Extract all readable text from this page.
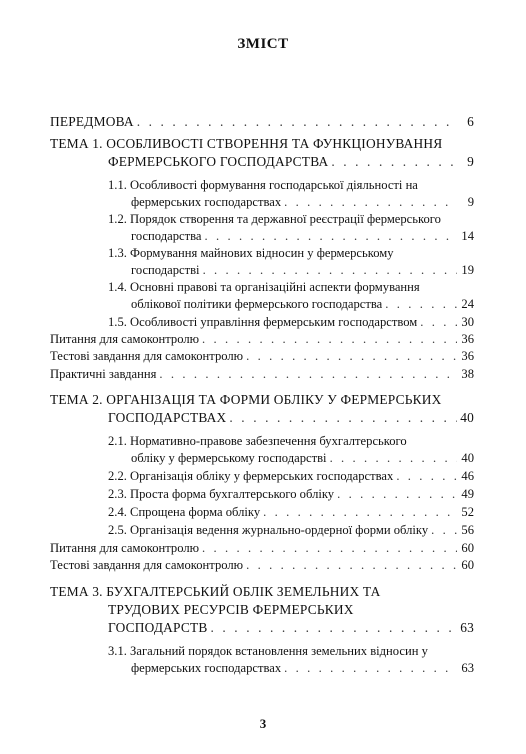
ЗМІСТ
ПЕРЕДМОВА . . .	6
ТЕМА 1. ОСОБЛИВОСТІ СТВОРЕННЯ ТА ФУНКЦІОНУВАННЯ
ФЕРМЕРСЬКОГО ГОСПОДАРСТВА . . .	9
1.1. Особливості формування господарської діяльності на
фермерських господарствах . . .	9
1.2. Порядок створення та державної реєстрації фермерського
господарства . . .	14
1.3. Формування майнових відносин у фермерському
господарстві . . .	19
1.4. Основні правові та організаційні аспекти формування
облікової політики фермерського господарства . . .	24
1.5. Особливості управління фермерським господарством . . .	30
Питання для самоконтролю . . .	36
Тестові завдання для самоконтролю . . .	36
Практичні завдання . . .	38
ТЕМА 2. ОРГАНІЗАЦІЯ ТА ФОРМИ ОБЛІКУ У ФЕРМЕРСЬКИХ
ГОСПОДАРСТВАХ . . .	40
2.1. Нормативно-правове забезпечення бухгалтерського
обліку у фермерському господарстві . . .	40
2.2. Організація обліку у фермерських господарствах . . .	46
2.3. Проста форма бухгалтерського обліку . . .	49
2.4. Спрощена форма обліку . . .	52
2.5. Організація ведення журнально-ордерної форми обліку . . .	56
Питання для самоконтролю . . .	60
Тестові завдання для самоконтролю . . .	60
ТЕМА 3. БУХГАЛТЕРСЬКИЙ ОБЛІК ЗЕМЕЛЬНИХ ТА
ТРУДОВИХ РЕСУРСІВ ФЕРМЕРСЬКИХ
ГОСПОДАРСТВ . . .	63
3.1. Загальний порядок встановлення земельних відносин у
фермерських господарствах . . .	63
3
